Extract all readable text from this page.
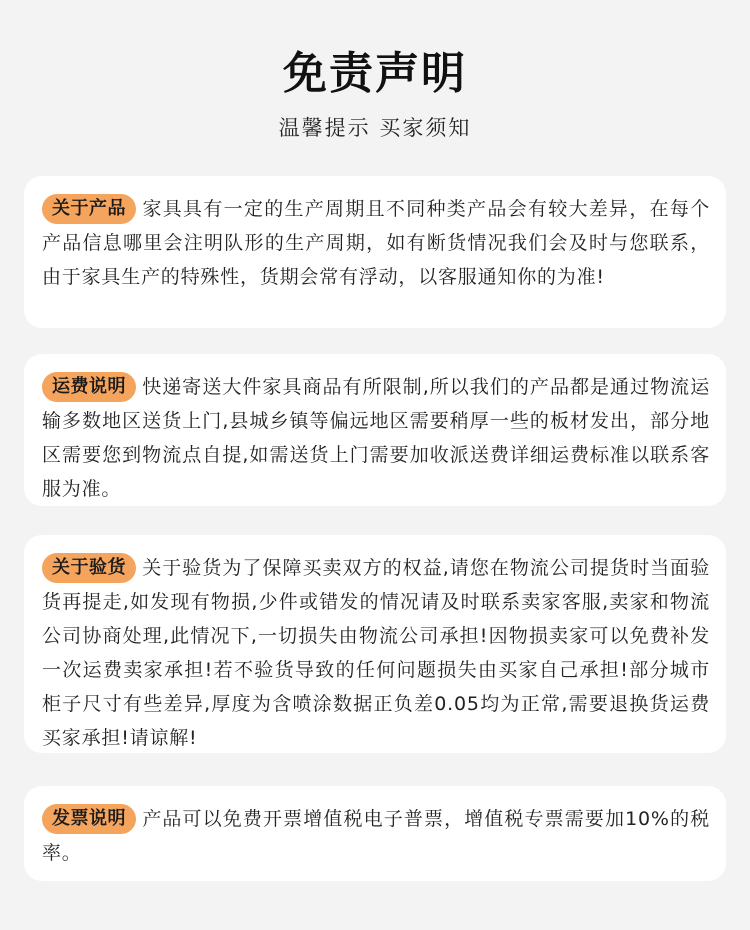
免责声明
温馨提示 买家须知
关于产品 家具具有一定的生产周期且不同种类产品会有较大差异，在每个产品信息哪里会注明队形的生产周期，如有断货情况我们会及时与您联系，由于家具生产的特殊性，货期会常有浮动，以客服通知你的为准!
运费说明 快递寄送大件家具商品有所限制,所以我们的产品都是通过物流运输多数地区送货上门,县城乡镇等偏远地区需要稍厚一些的板材发出，部分地区需要您到物流点自提,如需送货上门需要加收派送费详细运费标准以联系客服为准。
关于验货 关于验货为了保障买卖双方的权益,请您在物流公司提货时当面验货再提走,如发现有物损,少件或错发的情况请及时联系卖家客服,卖家和物流公司协商处理,此情况下,一切损失由物流公司承担!因物损卖家可以免费补发一次运费卖家承担!若不验货导致的任何问题损失由买家自己承担!部分城市柜子尺寸有些差异,厚度为含喷涂数据正负差0.05均为正常,需要退换货运费买家承担!请谅解!
发票说明 产品可以免费开票增值税电子普票，增值税专票需要加10%的税率。
